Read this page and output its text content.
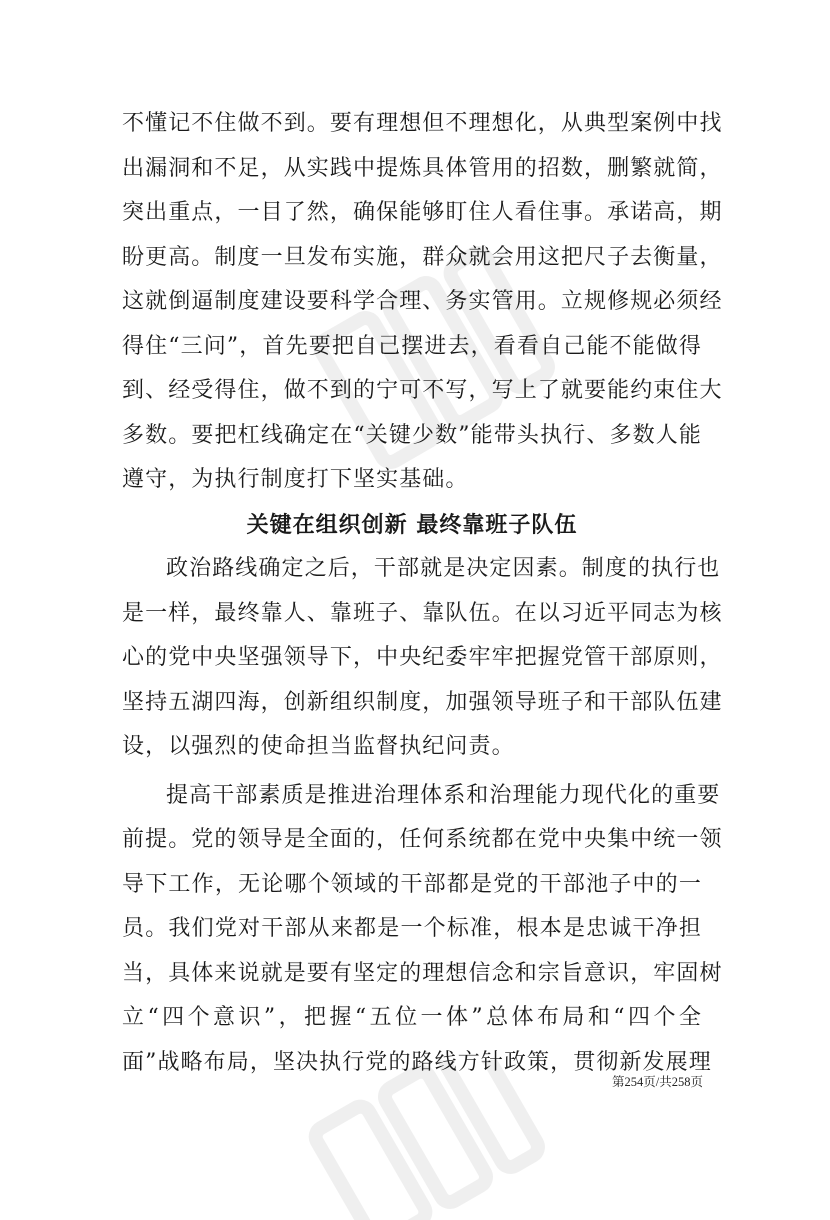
不懂记不住做不到。要有理想但不理想化，从典型案例中找
出漏洞和不足，从实践中提炼具体管用的招数，删繁就简，
突出重点，一目了然，确保能够盯住人看住事。承诺高，期
盼更高。制度一旦发布实施，群众就会用这把尺子去衡量，
这就倒逼制度建设要科学合理、务实管用。立规修规必须经
得住“三问”，首先要把自己摆进去，看看自己能不能做得
到、经受得住，做不到的宁可不写，写上了就要能约束住大
多数。要把杠线确定在“关键少数”能带头执行、多数人能
遵守，为执行制度打下坚实基础。
关键在组织创新 最终靠班子队伍
政治路线确定之后，干部就是决定因素。制度的执行也
是一样，最终靠人、靠班子、靠队伍。在以习近平同志为核
心的党中央坚强领导下，中央纪委牢牢把握党管干部原则，
坚持五湖四海，创新组织制度，加强领导班子和干部队伍建
设，以强烈的使命担当监督执纪问责。
提高干部素质是推进治理体系和治理能力现代化的重要
前提。党的领导是全面的，任何系统都在党中央集中统一领
导下工作，无论哪个领域的干部都是党的干部池子中的一
员。我们党对干部从来都是一个标准，根本是忠诚干净担
当，具体来说就是要有坚定的理想信念和宗旨意识，牢固树
立“四个意识”，把握“五位一体”总体布局和“四个全
面”战略布局，坚决执行党的路线方针政策，贯彻新发展理
第254页/共258页
